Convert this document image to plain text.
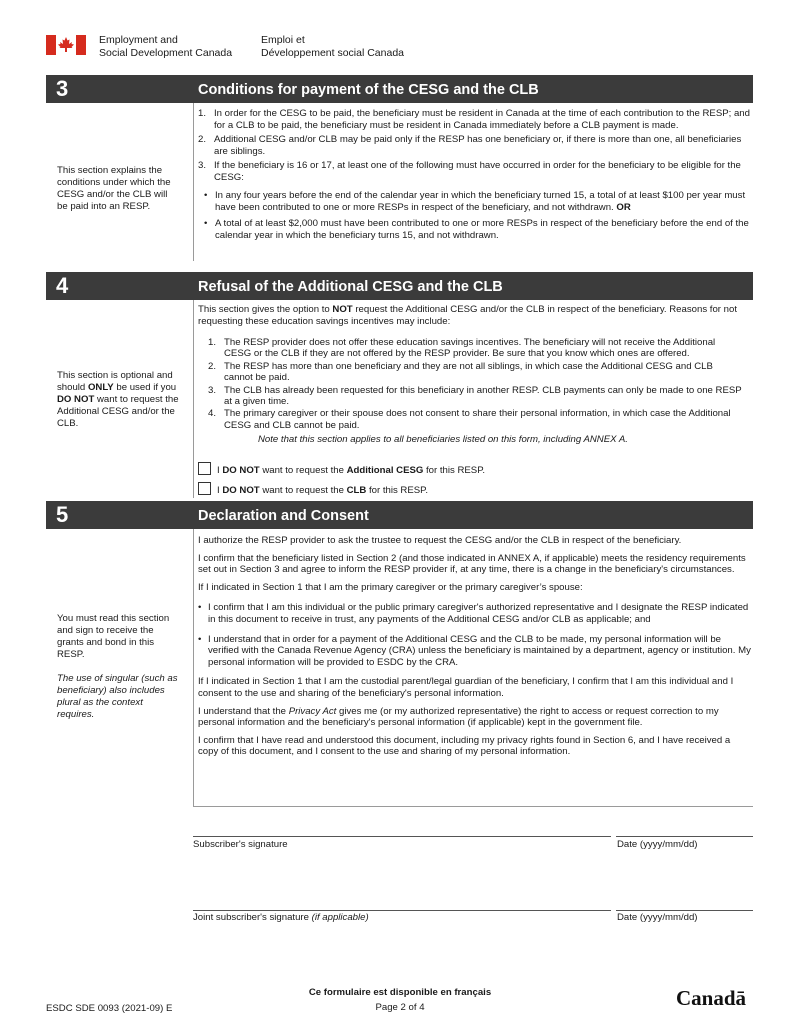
Employment and
Social Development Canada
Emploi et
Développement social Canada
3	Conditions for payment of the CESG and the CLB
This section explains the conditions under which the CESG and/or the CLB will be paid into an RESP.
1. In order for the CESG to be paid, the beneficiary must be resident in Canada at the time of each contribution to the RESP; and for a CLB to be paid, the beneficiary must be resident in Canada immediately before a CLB payment is made.
2. Additional CESG and/or CLB may be paid only if the RESP has one beneficiary or, if there is more than one, all beneficiaries are siblings.
3. If the beneficiary is 16 or 17, at least one of the following must have occurred in order for the beneficiary to be eligible for the CESG:
• In any four years before the end of the calendar year in which the beneficiary turned 15, a total of at least $100 per year must have been contributed to one or more RESPs in respect of the beneficiary, and not withdrawn. OR
• A total of at least $2,000 must have been contributed to one or more RESPs in respect of the beneficiary before the end of the calendar year in which the beneficiary turns 15, and not withdrawn.
4	Refusal of the Additional CESG and the CLB
This section is optional and should ONLY be used if you DO NOT want to request the Additional CESG and/or the CLB.

This section gives the option to NOT request the Additional CESG and/or the CLB in respect of the beneficiary. Reasons for not requesting these education savings incentives may include:

1. The RESP provider does not offer these education savings incentives. The beneficiary will not receive the Additional CESG or the CLB if they are not offered by the RESP provider. Be sure that you know which ones are offered.
2. The RESP has more than one beneficiary and they are not all siblings, in which case the Additional CESG and CLB cannot be paid.
3. The CLB has already been requested for this beneficiary in another RESP. CLB payments can only be made to one RESP at a given time.
4. The primary caregiver or their spouse does not consent to share their personal information, in which case the Additional CESG and CLB cannot be paid.
Note that this section applies to all beneficiaries listed on this form, including ANNEX A.
I DO NOT want to request the Additional CESG for this RESP.
I DO NOT want to request the CLB for this RESP.
5	Declaration and Consent
You must read this section and sign to receive the grants and bond in this RESP.
The use of singular (such as beneficiary) also includes plural as the context requires.

I authorize the RESP provider to ask the trustee to request the CESG and/or the CLB in respect of the beneficiary.

I confirm that the beneficiary listed in Section 2 (and those indicated in ANNEX A, if applicable) meets the residency requirements set out in Section 3 and agree to inform the RESP provider if, at any time, there is a change in the beneficiary's circumstances.

If I indicated in Section 1 that I am the primary caregiver or the primary caregiver’s spouse:

• I confirm that I am this individual or the public primary caregiver's authorized representative and I designate the RESP indicated in this document to receive in trust, any payments of the Additional CESG and/or CLB as applicable; and
• I understand that in order for a payment of the Additional CESG and the CLB to be made, my personal information will be verified with the Canada Revenue Agency (CRA) unless the beneficiary is maintained by a department, agency or institution. My personal information will be provided to ESDC by the CRA.

If I indicated in Section 1 that I am the custodial parent/legal guardian of the beneficiary, I confirm that I am this individual and I consent to the use and sharing of the beneficiary's personal information.

I understand that the Privacy Act gives me (or my authorized representative) the right to access or request correction to my personal information and the beneficiary's personal information (if applicable) kept in the government file.

I confirm that I have read and understood this document, including my privacy rights found in Section 6, and I have received a copy of this document, and I consent to the use and sharing of my personal information.

Subscriber's signature	Date (yyyy/mm/dd)
Joint subscriber's signature (if applicable)	Date (yyyy/mm/dd)
Ce formulaire est disponible en français
Page 2 of 4
ESDC SDE 0093 (2021-09) E	Canadā
